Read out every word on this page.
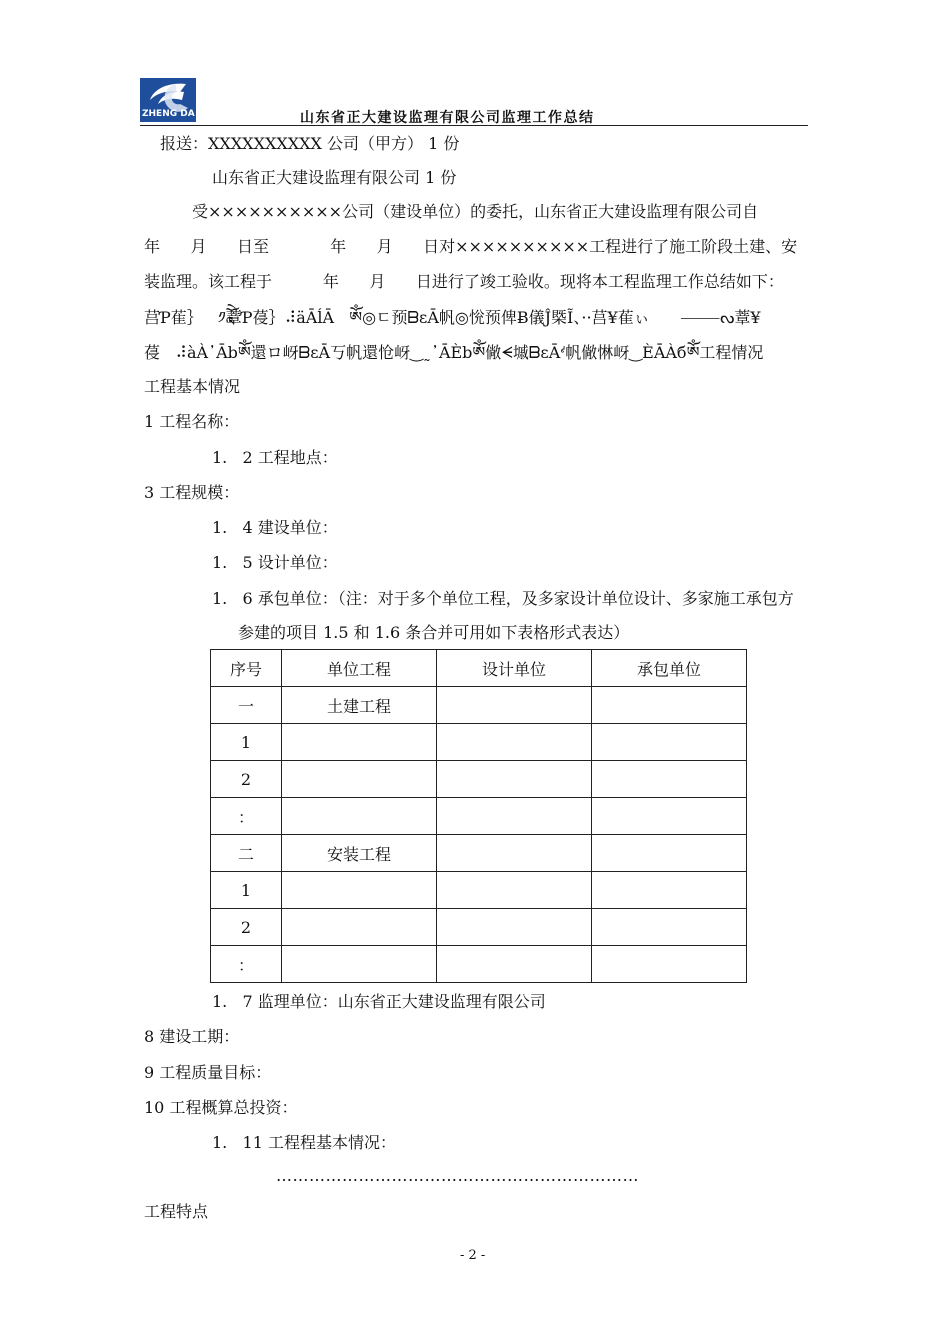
ZHENG DA	山东省正大建设监理有限公司监理工作总结
报送：XXXXXXXXXX 公司（甲方） 1 份
山东省正大建设监理有限公司 1 份
受××××××××××公司（建设单位）的委托，山东省正大建设监理有限公司自
年      月      日至            年      月      日对××××××××××工程进行了施工阶段土建、安
装监理。该工程于          年      月      日进行了竣工验收。现将本工程监理工作总结如下：
莒Ƥ萑｝   ༡ཱོེ蔁Ƥ葠｝⠼äĀĺĀ   ༀ◎ㄷ预ᗷɛĀ帆◎恱预俾Ƀ儀Ĵ槩Ĩ、··莒¥萑ぃ      ⸻ᔓ蔁¥
葠   ⠼àÀ᾽Ābༀ還ロ岈ᗷɛĀ丂帆還怆岈‿˷᾽ĀÈbༀ僘ᗕ墄ᗷɛĀᔊ帆僘惏岈‿ÈĀÀбༀ工程情况
工程基本情况
1 工程名称：
1.   2 工程地点：
3 工程规模：
1.   4 建设单位：
1.   5 设计单位：
1.   6 承包单位：（注：对于多个单位工程，及多家设计单位设计、多家施工承包方
参建的项目 1.5 和 1.6 条合并可用如下表格形式表达）
序号	单位工程	设计单位	承包单位
一	土建工程		
1			
2			
：			
二	安装工程		
1			
2			
：			
1.   7 监理单位：山东省正大建设监理有限公司
8 建设工期：
9 工程质量目标：
10 工程概算总投资：
1.   11 工程程基本情况：
…………………………………………………………
工程特点
- 2 -
